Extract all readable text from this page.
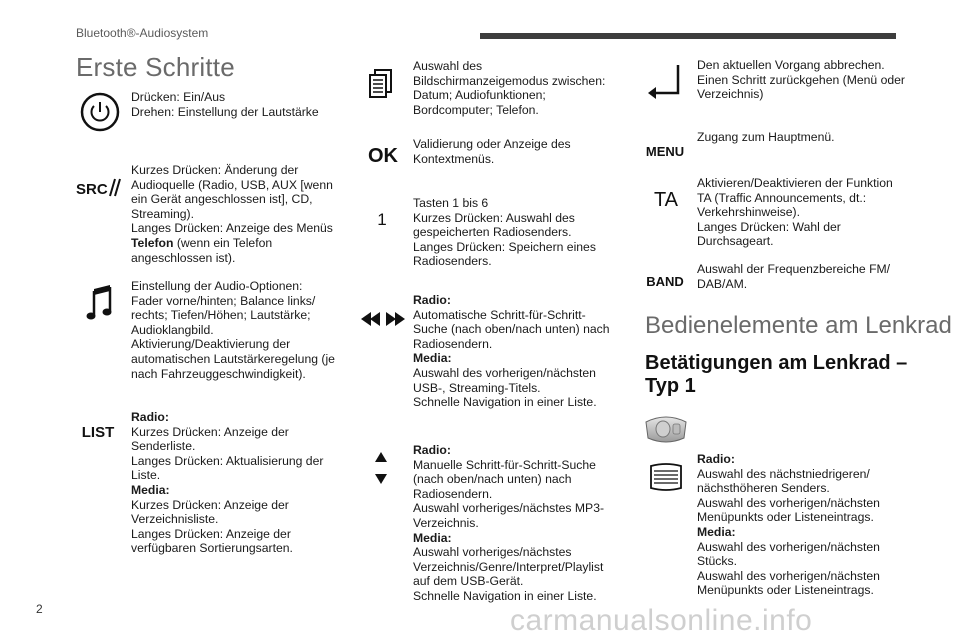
Bluetooth®-Audiosystem
Erste Schritte
Drücken: Ein/Aus
Drehen: Einstellung der Lautstärke
SRC
Kurzes Drücken: Änderung der Audioquelle (Radio, USB, AUX [wenn ein Gerät angeschlossen ist], CD, Streaming).
Langes Drücken: Anzeige des Menüs Telefon (wenn ein Telefon angeschlossen ist).
Einstellung der Audio-Optionen: Fader vorne/hinten; Balance links/ rechts; Tiefen/Höhen; Lautstärke; Audioklangbild.
Aktivierung/Deaktivierung der automatischen Lautstärkeregelung (je nach Fahrzeuggeschwindigkeit).
LIST
Radio:
Kurzes Drücken: Anzeige der Senderliste.
Langes Drücken: Aktualisierung der Liste.
Media:
Kurzes Drücken: Anzeige der Verzeichnisliste.
Langes Drücken: Anzeige der verfügbaren Sortierungsarten.
Auswahl des Bildschirmanzeigemodus zwischen: Datum; Audiofunktionen; Bordcomputer; Telefon.
OK
Validierung oder Anzeige des Kontextmenüs.
1
Tasten 1 bis 6
Kurzes Drücken: Auswahl des gespeicherten Radiosenders.
Langes Drücken: Speichern eines Radiosenders.
Radio:
Automatische Schritt-für-Schritt-Suche (nach oben/nach unten) nach Radiosendern.
Media:
Auswahl des vorherigen/nächsten USB-, Streaming-Titels.
Schnelle Navigation in einer Liste.
Radio:
Manuelle Schritt-für-Schritt-Suche (nach oben/nach unten) nach Radiosendern.
Auswahl vorheriges/nächstes MP3-Verzeichnis.
Media:
Auswahl vorheriges/nächstes Verzeichnis/Genre/Interpret/Playlist auf dem USB-Gerät.
Schnelle Navigation in einer Liste.
Den aktuellen Vorgang abbrechen.
Einen Schritt zurückgehen (Menü oder Verzeichnis)
MENU
Zugang zum Hauptmenü.
TA
Aktivieren/Deaktivieren der Funktion TA (Traffic Announcements, dt.: Verkehrshinweise).
Langes Drücken: Wahl der Durchsageart.
BAND
Auswahl der Frequenzbereiche FM/ DAB/AM.
Bedienelemente am Lenkrad
Betätigungen am Lenkrad –
Typ 1
Radio:
Auswahl des nächstniedrigeren/ nächsthöheren Senders.
Auswahl des vorherigen/nächsten Menüpunkts oder Listeneintrags.
Media:
Auswahl des vorherigen/nächsten Stücks.
Auswahl des vorherigen/nächsten Menüpunkts oder Listeneintrags.
2	carmanualsonline.info
